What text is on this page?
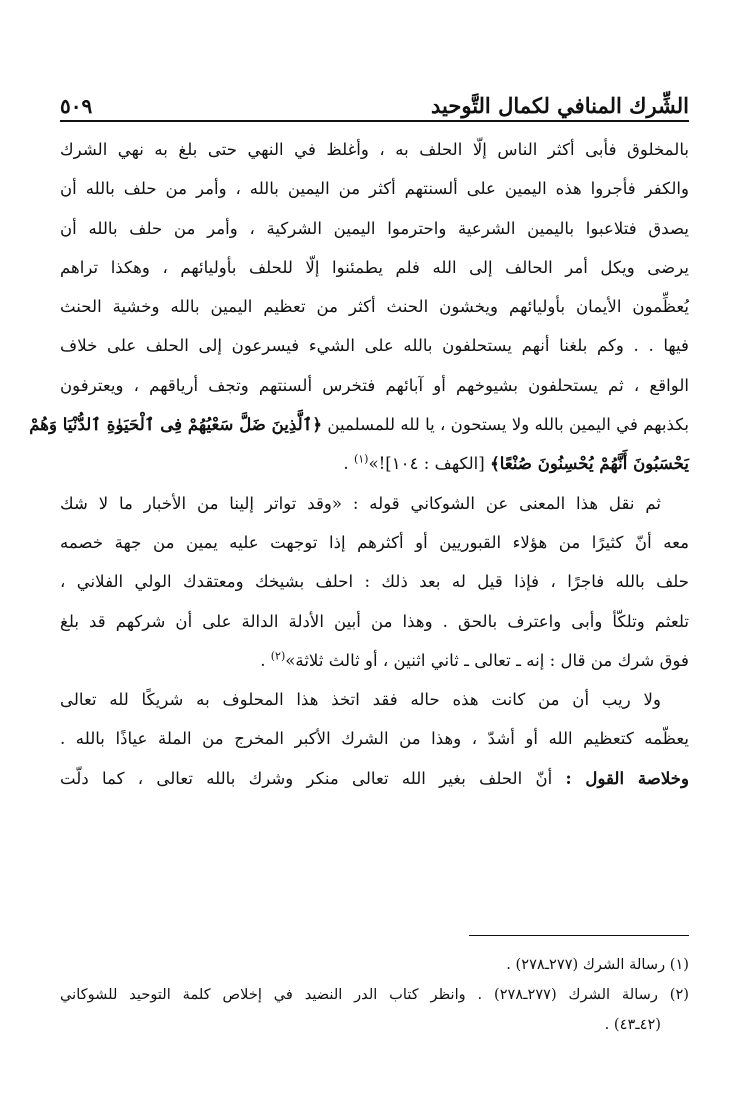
الشِّرك المنافي لكمال التَّوحيد
٥٠٩
بالمخلوق فأبى أكثر الناس إلّا الحلف به ، وأغلظ في النهي حتى بلغ به نهي الشرك
والكفر فأجروا هذه اليمين على ألسنتهم أكثر من اليمين بالله ، وأمر من حلف بالله أن
يصدق فتلاعبوا باليمين الشرعية واحترموا اليمين الشركية ، وأمر من حلف بالله أن
يرضى ويكل أمر الحالف إلى الله فلم يطمئنوا إلّا للحلف بأوليائهم ، وهكذا تراهم
يُعظِّمون الأيمان بأوليائهم ويخشون الحنث أكثر من تعظيم اليمين بالله وخشية الحنث
فيها . . وكم بلغنا أنهم يستحلفون بالله على الشيء فيسرعون إلى الحلف على خلاف
الواقع ، ثم يستحلفون بشيوخهم أو آبائهم فتخرس ألسنتهم وتجف أرياقهم ، ويعترفون
بكذبهم في اليمين بالله ولا يستحون ، يا لله للمسلمين ﴿ٱلَّذِينَ ضَلَّ سَعْيُهُمْ فِى ٱلْحَيَوٰةِ ٱلدُّنْيَا وَهُمْ
يَحْسَبُونَ أَنَّهُمْ يُحْسِنُونَ صُنْعًا﴾ [الكهف : ١٠٤]!»$^{(١)}$ .
ثم نقل هذا المعنى عن الشوكاني قوله : «وقد تواتر إلينا من الأخبار ما لا شك
معه أنّ كثيرًا من هؤلاء القبوريين أو أكثرهم إذا توجهت عليه يمين من جهة خصمه
حلف بالله فاجرًا ، فإذا قيل له بعد ذلك : احلف بشيخك ومعتقدك الولي الفلاني ،
تلعثم وتلكّأ وأبى واعترف بالحق . وهذا من أبين الأدلة الدالة على أن شركهم قد بلغ
فوق شرك من قال : إنه ـ تعالى ـ ثاني اثنين ، أو ثالث ثلاثة»$^{(٢)}$ .
ولا ريب أن من كانت هذه حاله فقد اتخذ هذا المحلوف به شريكًا لله تعالى
يعظّمه كتعظيم الله أو أشدّ ، وهذا من الشرك الأكبر المخرج من الملة عياذًا بالله .
وخلاصة القول : أنّ الحلف بغير الله تعالى منكر وشرك بالله تعالى ، كما دلّت
(١) رسالة الشرك (٢٧٧ـ٢٧٨) .
(٢) رسالة الشرك (٢٧٧ـ٢٧٨) . وانظر كتاب الدر النضيد في إخلاص كلمة التوحيد للشوكاني
(٤٢ـ٤٣) .
